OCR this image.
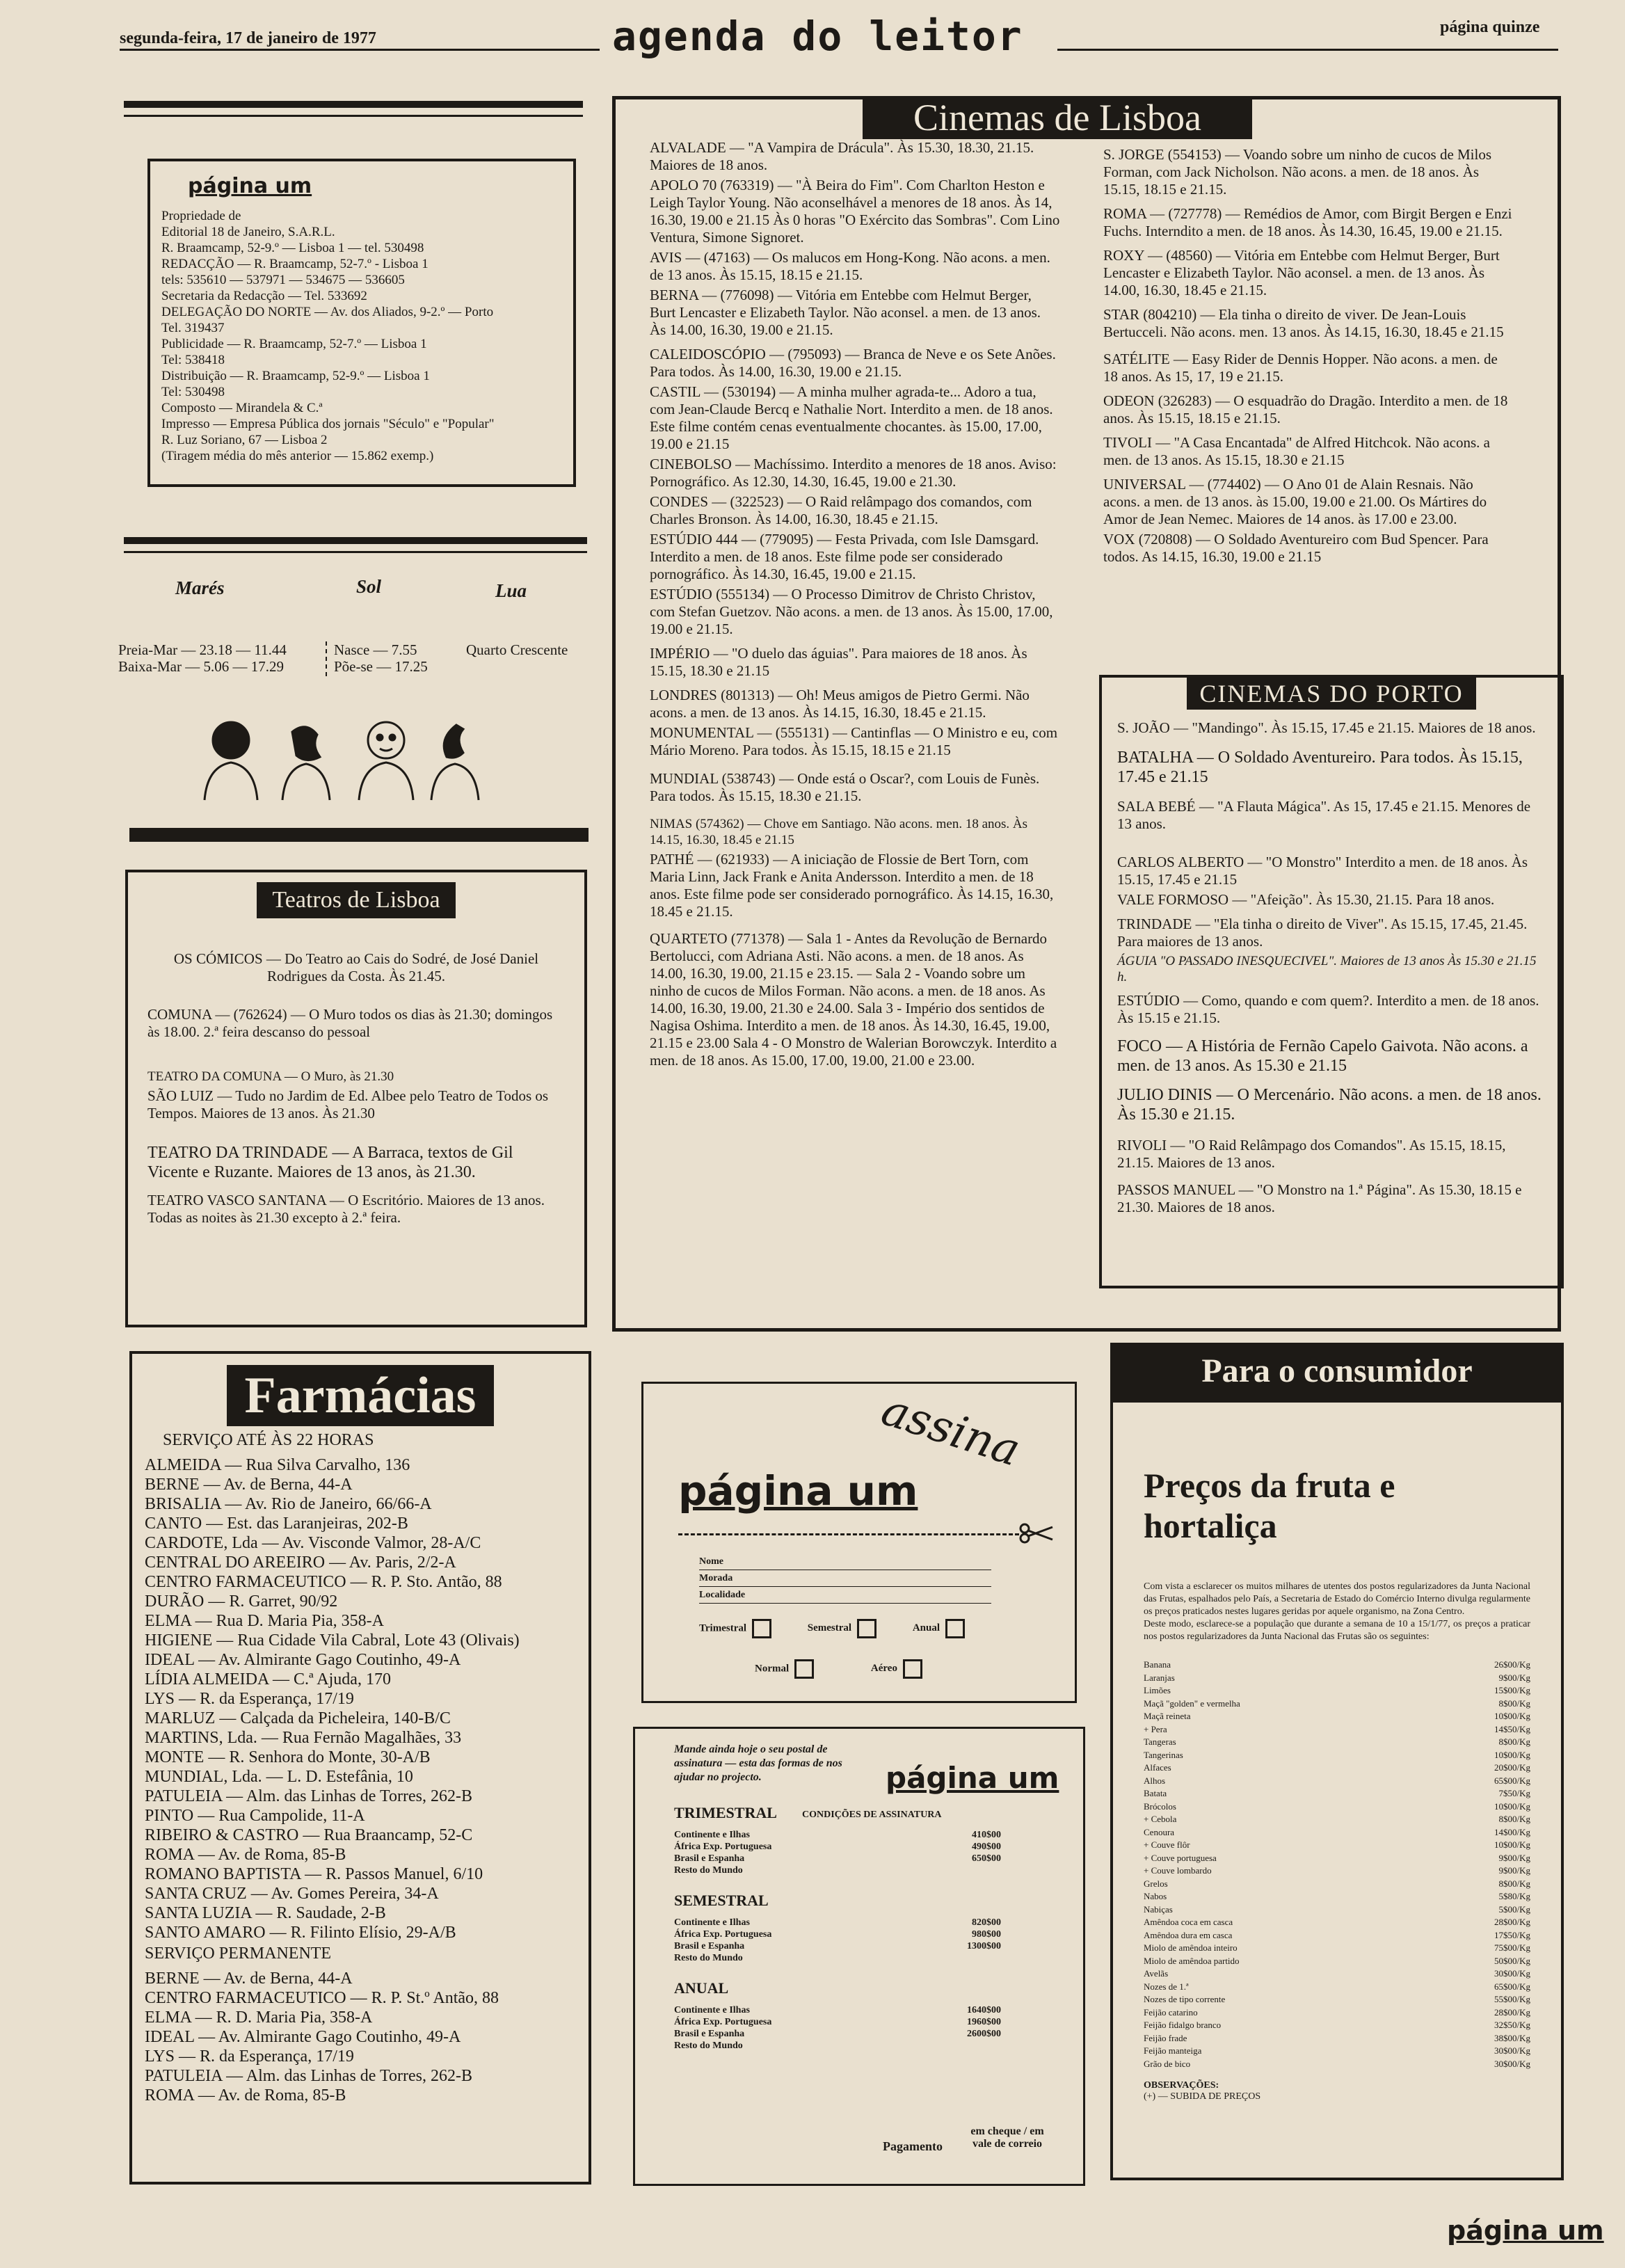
segunda-feira, 17 de janeiro de 1977	agenda do leitor	página quinze
página um
Propriedade de
Editorial 18 de Janeiro, S.A.R.L.
R. Braamcamp, 52-9.º — Lisboa 1 — tel. 530498
REDACÇÃO — R. Braamcamp, 52-7.º - Lisboa 1
tels: 535610 — 537971 — 534675 — 536605
Secretaria da Redacção — Tel. 533692
DELEGAÇÃO DO NORTE — Av. dos Aliados, 9-2.º — Porto
Tel. 319437
Publicidade — R. Braamcamp, 52-7.º — Lisboa 1
Tel: 538418
Distribuição — R. Braamcamp, 52-9.º — Lisboa 1
Tel: 530498
Composto — Mirandela & C.ª
Impresso — Empresa Pública dos jornais "Século" e "Popular"
R. Luz Soriano, 67 — Lisboa 2
(Tiragem média do mês anterior — 15.862 exemp.)
Marés	Sol	Lua
Preia-Mar — 23.18 — 11.44
Baixa-Mar — 5.06 — 17.29
Nasce — 7.55
Põe-se — 17.25
Quarto Crescente
Teatros de Lisboa
OS CÓMICOS — Do Teatro ao Cais do Sodré, de José Daniel Rodrigues da Costa. Às 21.45.
COMUNA — (762624) — O Muro todos os dias às 21.30; domingos às 18.00. 2.ª feira descanso do pessoal
TEATRO DA COMUNA — O Muro, às 21.30
SÃO LUIZ — Tudo no Jardim de Ed. Albee pelo Teatro de Todos os Tempos. Maiores de 13 anos. Às 21.30
TEATRO DA TRINDADE — A Barraca, textos de Gil Vicente e Ruzante. Maiores de 13 anos, às 21.30.
TEATRO VASCO SANTANA — O Escritório. Maiores de 13 anos. Todas as noites às 21.30 excepto à 2.ª feira.
Cinemas de Lisboa
ALVALADE — "A Vampira de Drácula". Às 15.30, 18.30, 21.15. Maiores de 18 anos.
APOLO 70 (763319) — "À Beira do Fim". Com Charlton Heston e Leigh Taylor Young. Não aconselhável a menores de 18 anos. Às 14, 16.30, 19.00 e 21.15 Às 0 horas "O Exército das Sombras". Com Lino Ventura, Simone Signoret.
AVIS — (47163) — Os malucos em Hong-Kong. Não acons. a men. de 13 anos. Às 15.15, 18.15 e 21.15.
BERNA — (776098) — Vitória em Entebbe com Helmut Berger, Burt Lencaster e Elizabeth Taylor. Não aconsel. a men. de 13 anos. Às 14.00, 16.30, 19.00 e 21.15.
CALEIDOSCÓPIO — (795093) — Branca de Neve e os Sete Anões. Para todos. Às 14.00, 16.30, 19.00 e 21.15.
CASTIL — (530194) — A minha mulher agrada-te... Adoro a tua, com Jean-Claude Bercq e Nathalie Nort. Interdito a men. de 18 anos. Este filme contém cenas eventualmente chocantes. às 15.00, 17.00, 19.00 e 21.15
CINEBOLSO — Machíssimo. Interdito a menores de 18 anos. Aviso: Pornográfico. As 12.30, 14.30, 16.45, 19.00 e 21.30.
CONDES — (322523) — O Raid relâmpago dos comandos, com Charles Bronson. Às 14.00, 16.30, 18.45 e 21.15.
ESTÚDIO 444 — (779095) — Festa Privada, com Isle Damsgard. Interdito a men. de 18 anos. Este filme pode ser considerado pornográfico. Às 14.30, 16.45, 19.00 e 21.15.
ESTÚDIO (555134) — O Processo Dimitrov de Christo Christov, com Stefan Guetzov. Não acons. a men. de 13 anos. Às 15.00, 17.00, 19.00 e 21.15.
IMPÉRIO — "O duelo das águias". Para maiores de 18 anos. Às 15.15, 18.30 e 21.15
LONDRES (801313) — Oh! Meus amigos de Pietro Germi. Não acons. a men. de 13 anos. Às 14.15, 16.30, 18.45 e 21.15.
MONUMENTAL — (555131) — Cantinflas — O Ministro e eu, com Mário Moreno. Para todos. Às 15.15, 18.15 e 21.15
MUNDIAL (538743) — Onde está o Oscar?, com Louis de Funès. Para todos. Às 15.15, 18.30 e 21.15.
NIMAS (574362) — Chove em Santiago. Não acons. men. 18 anos. Às 14.15, 16.30, 18.45 e 21.15
PATHÉ — (621933) — A iniciação de Flossie de Bert Torn, com Maria Linn, Jack Frank e Anita Andersson. Interdito a men. de 18 anos. Este filme pode ser considerado pornográfico. Às 14.15, 16.30, 18.45 e 21.15.
QUARTETO (771378) — Sala 1 - Antes da Revolução de Bernardo Bertolucci, com Adriana Asti. Não acons. a men. de 18 anos. As 14.00, 16.30, 19.00, 21.15 e 23.15. — Sala 2 - Voando sobre um ninho de cucos de Milos Forman. Não acons. a men. de 18 anos. As 14.00, 16.30, 19.00, 21.30 e 24.00. Sala 3 - Império dos sentidos de Nagisa Oshima. Interdito a men. de 18 anos. Às 14.30, 16.45, 19.00, 21.15 e 23.00 Sala 4 - O Monstro de Walerian Borowczyk. Interdito a men. de 18 anos. As 15.00, 17.00, 19.00, 21.00 e 23.00.
S. JORGE (554153) — Voando sobre um ninho de cucos de Milos Forman, com Jack Nicholson. Não acons. a men. de 18 anos. Às 15.15, 18.15 e 21.15.
ROMA — (727778) — Remédios de Amor, com Birgit Bergen e Enzi Fuchs. Interndito a men. de 18 anos. Às 14.30, 16.45, 19.00 e 21.15.
ROXY — (48560) — Vitória em Entebbe com Helmut Berger, Burt Lencaster e Elizabeth Taylor. Não aconsel. a men. de 13 anos. Às 14.00, 16.30, 18.45 e 21.15.
STAR (804210) — Ela tinha o direito de viver. De Jean-Louis Bertucceli. Não acons. men. 13 anos. Às 14.15, 16.30, 18.45 e 21.15
SATÉLITE — Easy Rider de Dennis Hopper. Não acons. a men. de 18 anos. As 15, 17, 19 e 21.15.
ODEON (326283) — O esquadrão do Dragão. Interdito a men. de 18 anos. Às 15.15, 18.15 e 21.15.
TIVOLI — "A Casa Encantada" de Alfred Hitchcok. Não acons. a men. de 13 anos. As 15.15, 18.30 e 21.15
UNIVERSAL — (774402) — O Ano 01 de Alain Resnais. Não acons. a men. de 13 anos. às 15.00, 19.00 e 21.00. Os Mártires do Amor de Jean Nemec. Maiores de 14 anos. às 17.00 e 23.00.
VOX (720808) — O Soldado Aventureiro com Bud Spencer. Para todos. As 14.15, 16.30, 19.00 e 21.15
CINEMAS DO PORTO
S. JOÃO — "Mandingo". Às 15.15, 17.45 e 21.15. Maiores de 18 anos.
BATALHA — O Soldado Aventureiro. Para todos. Às 15.15, 17.45 e 21.15
SALA BEBÉ — "A Flauta Mágica". As 15, 17.45 e 21.15. Menores de 13 anos.
CARLOS ALBERTO — "O Monstro" Interdito a men. de 18 anos. Às 15.15, 17.45 e 21.15
VALE FORMOSO — "Afeição". Às 15.30, 21.15. Para 18 anos.
TRINDADE — "Ela tinha o direito de Viver". As 15.15, 17.45, 21.45. Para maiores de 13 anos.
ÁGUIA "O PASSADO INESQUECIVEL". Maiores de 13 anos Às 15.30 e 21.15 h.
ESTÚDIO — Como, quando e com quem?. Interdito a men. de 18 anos. Às 15.15 e 21.15.
FOCO — A História de Fernão Capelo Gaivota. Não acons. a men. de 13 anos. As 15.30 e 21.15
JULIO DINIS — O Mercenário. Não acons. a men. de 18 anos. Às 15.30 e 21.15.
RIVOLI — "O Raid Relâmpago dos Comandos". As 15.15, 18.15, 21.15. Maiores de 13 anos.
PASSOS MANUEL — "O Monstro na 1.ª Página". As 15.30, 18.15 e 21.30. Maiores de 18 anos.
Farmácias
SERVIÇO ATÉ ÀS 22 HORAS
ALMEIDA — Rua Silva Carvalho, 136
BERNE — Av. de Berna, 44-A
BRISALIA — Av. Rio de Janeiro, 66/66-A
CANTO — Est. das Laranjeiras, 202-B
CARDOTE, Lda — Av. Visconde Valmor, 28-A/C
CENTRAL DO AREEIRO — Av. Paris, 2/2-A
CENTRO FARMACEUTICO — R. P. Sto. Antão, 88
DURÃO — R. Garret, 90/92
ELMA — Rua D. Maria Pia, 358-A
HIGIENE — Rua Cidade Vila Cabral, Lote 43 (Olivais)
IDEAL — Av. Almirante Gago Coutinho, 49-A
LÍDIA ALMEIDA — C.ª Ajuda, 170
LYS — R. da Esperança, 17/19
MARLUZ — Calçada da Picheleira, 140-B/C
MARTINS, Lda. — Rua Fernão Magalhães, 33
MONTE — R. Senhora do Monte, 30-A/B
MUNDIAL, Lda. — L. D. Estefânia, 10
PATULEIA — Alm. das Linhas de Torres, 262-B
PINTO — Rua Campolide, 11-A
RIBEIRO & CASTRO — Rua Braancamp, 52-C
ROMA — Av. de Roma, 85-B
ROMANO BAPTISTA — R. Passos Manuel, 6/10
SANTA CRUZ — Av. Gomes Pereira, 34-A
SANTA LUZIA — R. Saudade, 2-B
SANTO AMARO — R. Filinto Elísio, 29-A/B
SERVIÇO PERMANENTE
BERNE — Av. de Berna, 44-A
CENTRO FARMACEUTICO — R. P. St.º Antão, 88
ELMA — R. D. Maria Pia, 358-A
IDEAL — Av. Almirante Gago Coutinho, 49-A
LYS — R. da Esperança, 17/19
PATULEIA — Alm. das Linhas de Torres, 262-B
ROMA — Av. de Roma, 85-B
assina
página um
Nome
Morada
Localidade
Trimestral	Semestral	Anual
Normal	Aéreo
Mande ainda hoje o seu postal de assinatura — esta das formas de nos ajudar no projecto.	página um
CONDIÇÕES DE ASSINATURA
TRIMESTRAL
Continente e Ilhas	410$00
África Exp. Portuguesa	490$00
Brasil e Espanha	650$00
Resto do Mundo
SEMESTRAL
Continente e Ilhas	820$00
África Exp. Portuguesa	980$00
Brasil e Espanha	1300$00
Resto do Mundo
ANUAL
Continente e Ilhas	1640$00
África Exp. Portuguesa	1960$00
Brasil e Espanha	2600$00
Resto do Mundo
Pagamento
em cheque / em vale de correio
Para o consumidor
Preços da fruta e hortaliça
Com vista a esclarecer os muitos milhares de utentes dos postos regularizadores da Junta Nacional das Frutas, espalhados pelo País, a Secretaria de Estado do Comércio Interno divulga regularmente os preços praticados nestes lugares geridas por aquele organismo, na Zona Centro.
Deste modo, esclarece-se a população que durante a semana de 10 a 15/1/77, os preços a praticar nos postos regularizadores da Junta Nacional das Frutas são os seguintes:
Banana	26$00/Kg
Laranjas	9$00/Kg
Limões	15$00/Kg
Maçã "golden" e vermelha	8$00/Kg
Maçã reineta	10$00/Kg
+ Pera	14$50/Kg
Tangeras	8$00/Kg
Tangerinas	10$00/Kg
Alfaces	20$00/Kg
Alhos	65$00/Kg
Batata	7$50/Kg
Brócolos	10$00/Kg
+ Cebola	8$00/Kg
Cenoura	14$00/Kg
+ Couve flôr	10$00/Kg
+ Couve portuguesa	9$00/Kg
+ Couve lombardo	9$00/Kg
Grelos	8$00/Kg
Nabos	5$80/Kg
Nabiças	5$00/Kg
Amêndoa coca em casca	28$00/Kg
Amêndoa dura em casca	17$50/Kg
Miolo de amêndoa inteiro	75$00/Kg
Miolo de amêndoa partido	50$00/Kg
Avelãs	30$00/Kg
Nozes de 1.ª	65$00/Kg
Nozes de tipo corrente	55$00/Kg
Feijão catarino	28$00/Kg
Feijão fidalgo branco	32$50/Kg
Feijão frade	38$00/Kg
Feijão manteiga	30$00/Kg
Grão de bico	30$00/Kg
OBSERVAÇÕES:
(+) — SUBIDA DE PREÇOS
página um
